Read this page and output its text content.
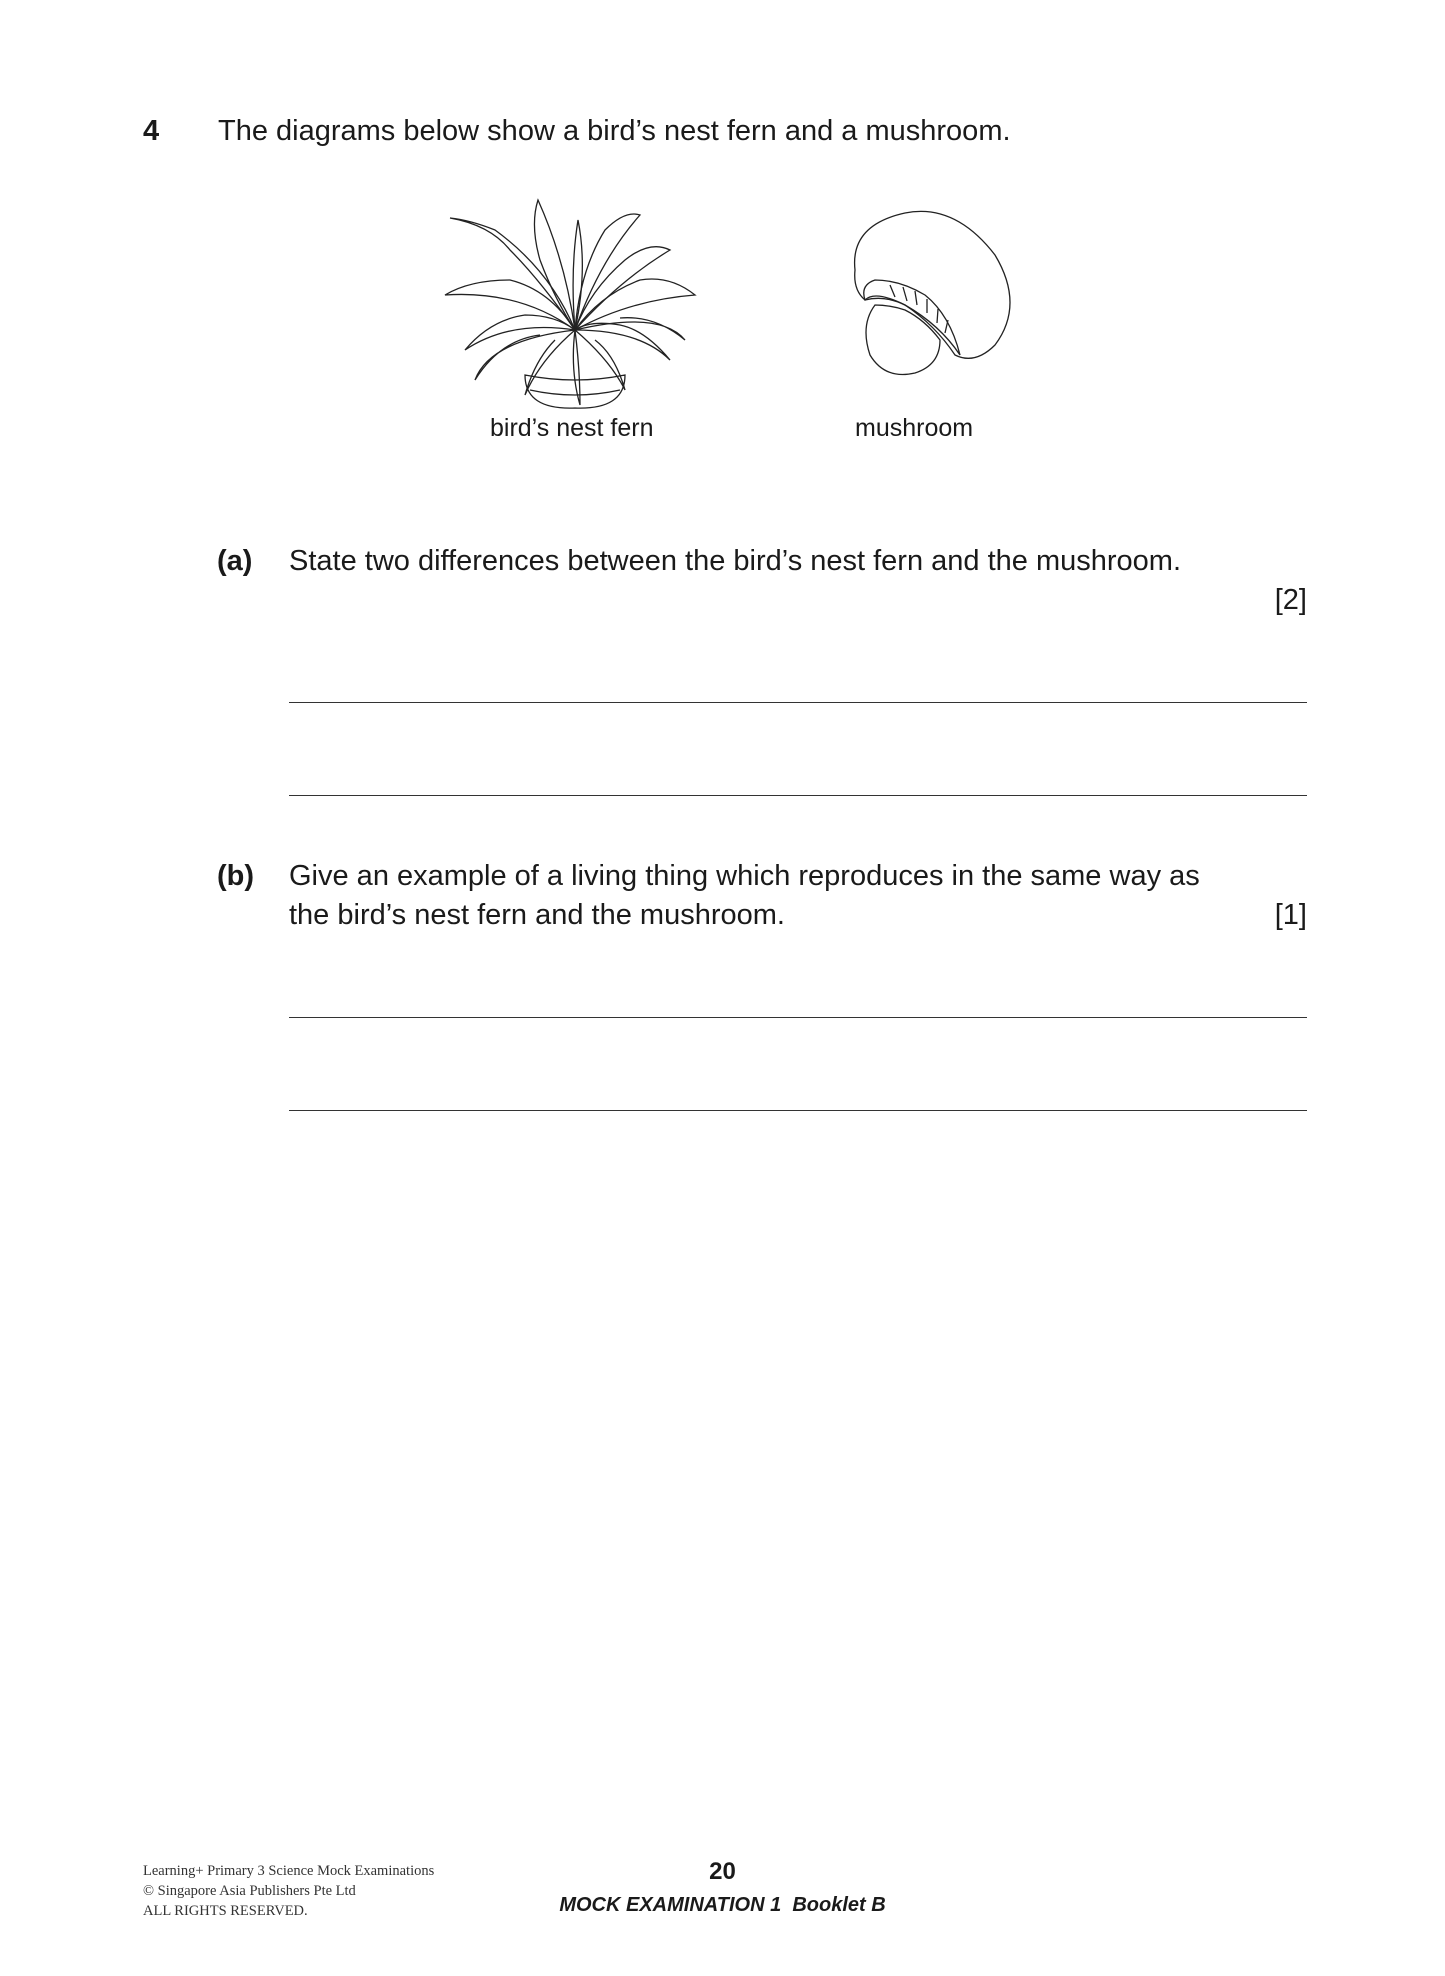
4 The diagrams below show a bird’s nest fern and a mushroom.
bird’s nest fern	mushroom
(a) State two differences between the bird’s nest fern and the mushroom.
[2]
(b) Give an example of a living thing which reproduces in the same way as
the bird’s nest fern and the mushroom.	[1]
Learning+ Primary 3 Science Mock Examinations
© Singapore Asia Publishers Pte Ltd
ALL RIGHTS RESERVED.
20
MOCK EXAMINATION 1  Booklet B
